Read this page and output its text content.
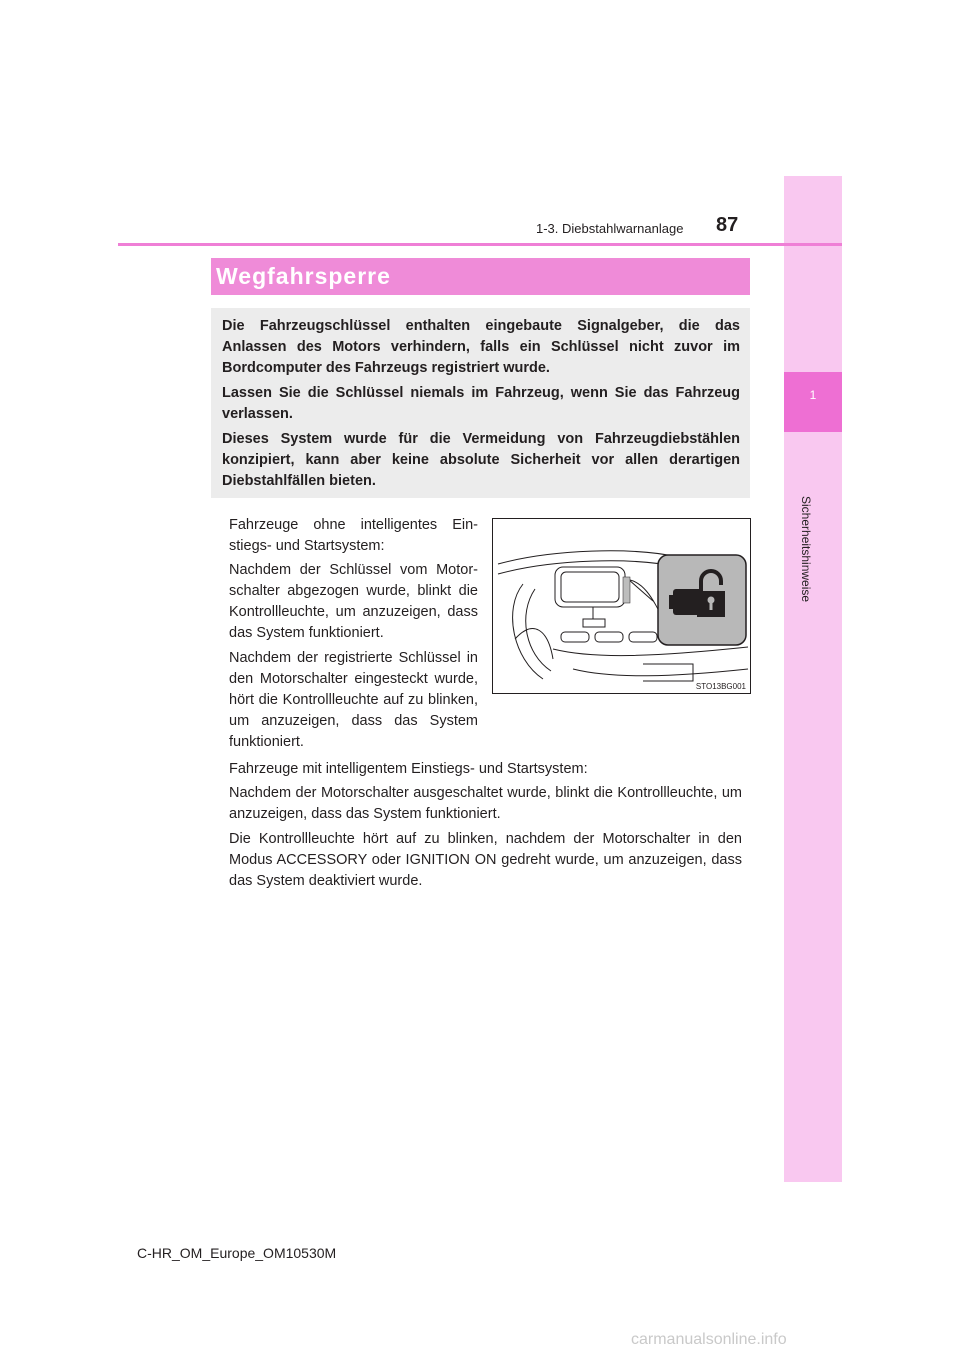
1
Sicherheitshinweise
1-3. Diebstahlwarnanlage 87
Wegfahrsperre

Die Fahrzeugschlüssel enthalten eingebaute Signalgeber, die das Anlassen des Motors verhindern, falls ein Schlüssel nicht zuvor im Bordcomputer des Fahrzeugs registriert wurde.

Lassen Sie die Schlüssel niemals im Fahrzeug, wenn Sie das Fahrzeug verlassen.

Dieses System wurde für die Vermeidung von Fahrzeugdiebstählen konzipiert, kann aber keine absolute Sicherheit vor allen derartigen Diebstahlfällen bieten.

Fahrzeuge ohne intelligentes Einstiegs- und Startsystem:

Nachdem der Schlüssel vom Motorschalter abgezogen wurde, blinkt die Kontrollleuchte, um anzuzeigen, dass das System funktioniert.

Nachdem der registrierte Schlüssel in den Motorschalter eingesteckt wurde, hört die Kontrollleuchte auf zu blinken, um anzuzeigen, dass das System funktioniert.

Fahrzeuge mit intelligentem Einstiegs- und Startsystem:

Nachdem der Motorschalter ausgeschaltet wurde, blinkt die Kontrollleuchte, um anzuzeigen, dass das System funktioniert.

Die Kontrollleuchte hört auf zu blinken, nachdem der Motorschalter in den Modus ACCESSORY oder IGNITION ON gedreht wurde, um anzuzeigen, dass das System deaktiviert wurde.

STO13BG001
C-HR_OM_Europe_OM10530M
carmanualsonline.info
